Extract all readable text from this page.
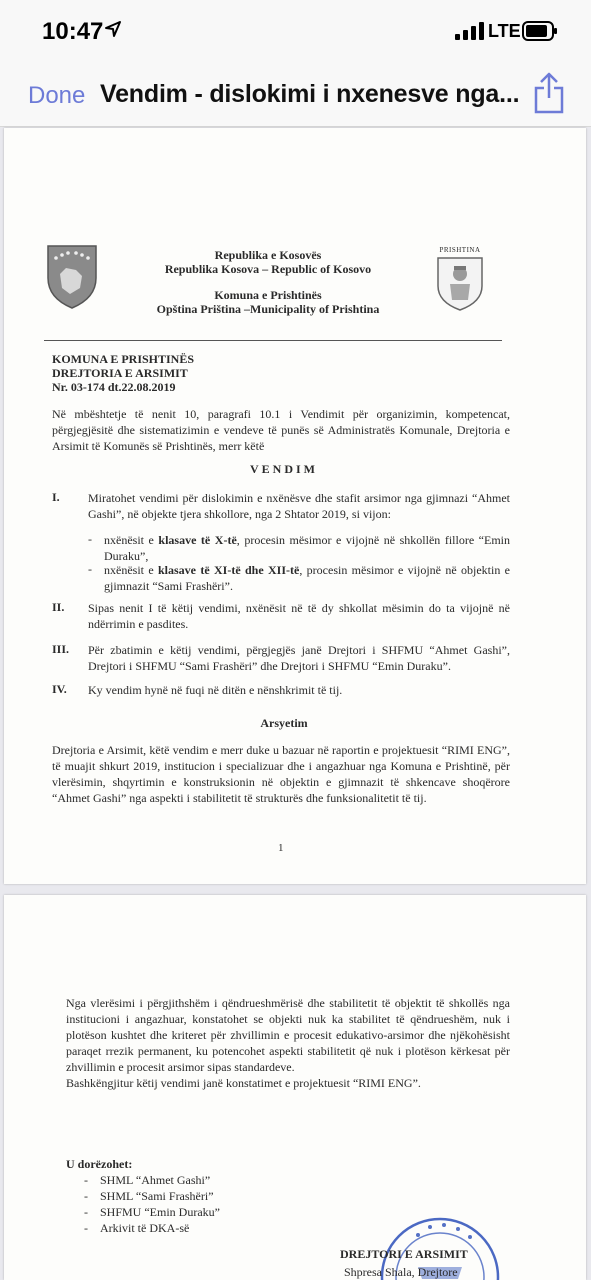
10:47	LTE
Done Vendim - dislokimi i nxenesve nga...
Republika e Kosovës
Republika Kosova – Republic of Kosovo
Komuna e Prishtinës
Opština Priština –Municipality of Prishtina
PRISHTINA
KOMUNA E PRISHTINËS
DREJTORIA E ARSIMIT
Nr. 03-174 dt.22.08.2019
Në mbështetje të nenit 10, paragrafi 10.1 i Vendimit për organizimin, kompetencat, përgjegjësitë dhe sistematizimin e vendeve të punës së Administratës Komunale, Drejtoria e Arsimit të Komunës së Prishtinës, merr këtë
VENDIM
I. Miratohet vendimi për dislokimin e nxënësve dhe stafit arsimor nga gjimnazi “Ahmet Gashi”, në objekte tjera shkollore, nga 2 Shtator 2019, si vijon:
- nxënësit e klasave të X-të, procesin mësimor e vijojnë në shkollën fillore “Emin Duraku”,
- nxënësit e klasave të XI-të dhe XII-të, procesin mësimor e vijojnë në objektin e gjimnazit “Sami Frashëri”.
II. Sipas nenit I të këtij vendimi, nxënësit në të dy shkollat mësimin do ta vijojnë në ndërrimin e pasdites.
III. Për zbatimin e këtij vendimi, përgjegjës janë Drejtori i SHFMU “Ahmet Gashi”, Drejtori i SHFMU “Sami Frashëri” dhe Drejtori i SHFMU “Emin Duraku”.
IV. Ky vendim hynë në fuqi në ditën e nënshkrimit të tij.
Arsyetim
Drejtoria e Arsimit, këtë vendim e merr duke u bazuar në raportin e projektuesit “RIMI ENG”, të muajit shkurt 2019, institucion i specializuar dhe i angazhuar nga Komuna e Prishtinë, për vlerësimin, shqyrtimin e konstruksionin në objektin e gjimnazit të shkencave shoqërore “Ahmet Gashi” nga aspekti i stabilitetit të strukturës dhe funksionalitetit të tij.
1
Nga vlerësimi i përgjithshëm i qëndrueshmërisë dhe stabilitetit të objektit të shkollës nga institucioni i angazhuar, konstatohet se objekti nuk ka stabilitet të qëndrueshëm, nuk i plotëson kushtet dhe kriteret për zhvillimin e procesit edukativo-arsimor dhe njëkohësisht paraqet rrezik permanent, ku potencohet aspekti stabilitetit që nuk i plotëson kërkesat për zhvillimin e procesit arsimor sipas standardeve.
Bashkëngjitur këtij vendimi janë konstatimet e projektuesit “RIMI ENG”.
U dorëzohet:
- SHML “Ahmet Gashi”
- SHML “Sami Frashëri”
- SHFMU “Emin Duraku”
- Arkivit të DKA-së
DREJTORI E ARSIMIT
Shpresa Shala, Drejtore
